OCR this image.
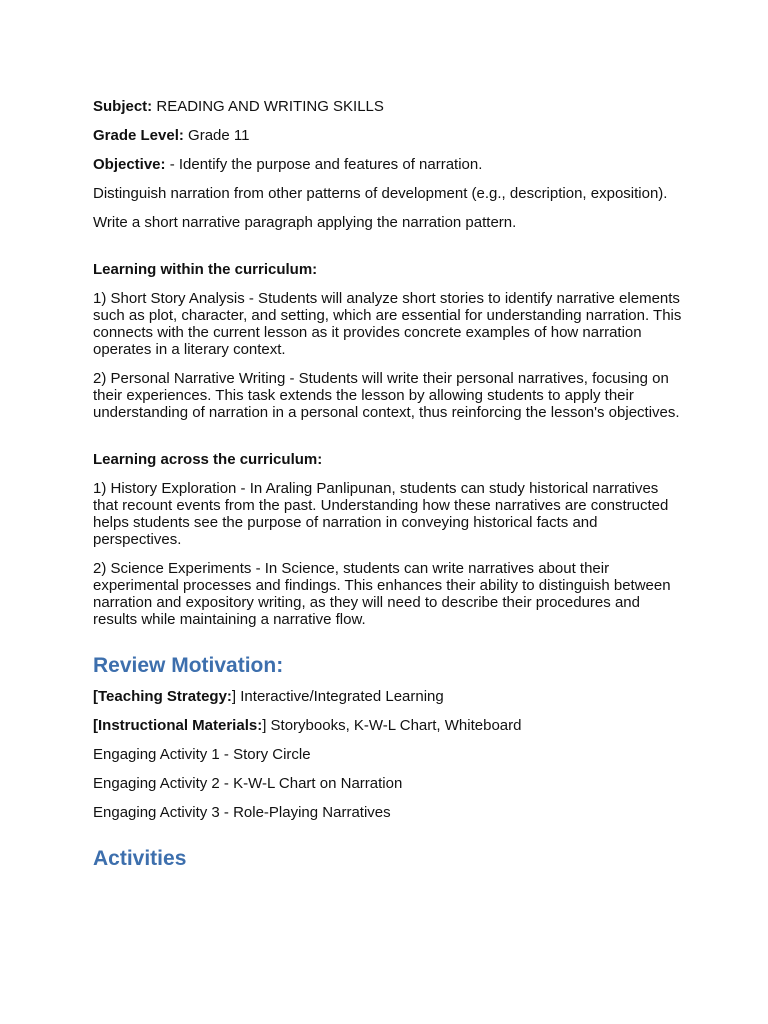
Subject: READING AND WRITING SKILLS

Grade Level: Grade 11

Objective: - Identify the purpose and features of narration.

Distinguish narration from other patterns of development (e.g., description, exposition).

Write a short narrative paragraph applying the narration pattern.

Learning within the curriculum:

1) Short Story Analysis - Students will analyze short stories to identify narrative elements such as plot, character, and setting, which are essential for understanding narration. This connects with the current lesson as it provides concrete examples of how narration operates in a literary context.

2) Personal Narrative Writing - Students will write their personal narratives, focusing on their experiences. This task extends the lesson by allowing students to apply their understanding of narration in a personal context, thus reinforcing the lesson's objectives.

Learning across the curriculum:

1) History Exploration - In Araling Panlipunan, students can study historical narratives that recount events from the past. Understanding how these narratives are constructed helps students see the purpose of narration in conveying historical facts and perspectives.

2) Science Experiments - In Science, students can write narratives about their experimental processes and findings. This enhances their ability to distinguish between narration and expository writing, as they will need to describe their procedures and results while maintaining a narrative flow.

Review Motivation:

[Teaching Strategy:] Interactive/Integrated Learning

[Instructional Materials:] Storybooks, K-W-L Chart, Whiteboard

Engaging Activity 1 - Story Circle

Engaging Activity 2 - K-W-L Chart on Narration

Engaging Activity 3 - Role-Playing Narratives

Activities
